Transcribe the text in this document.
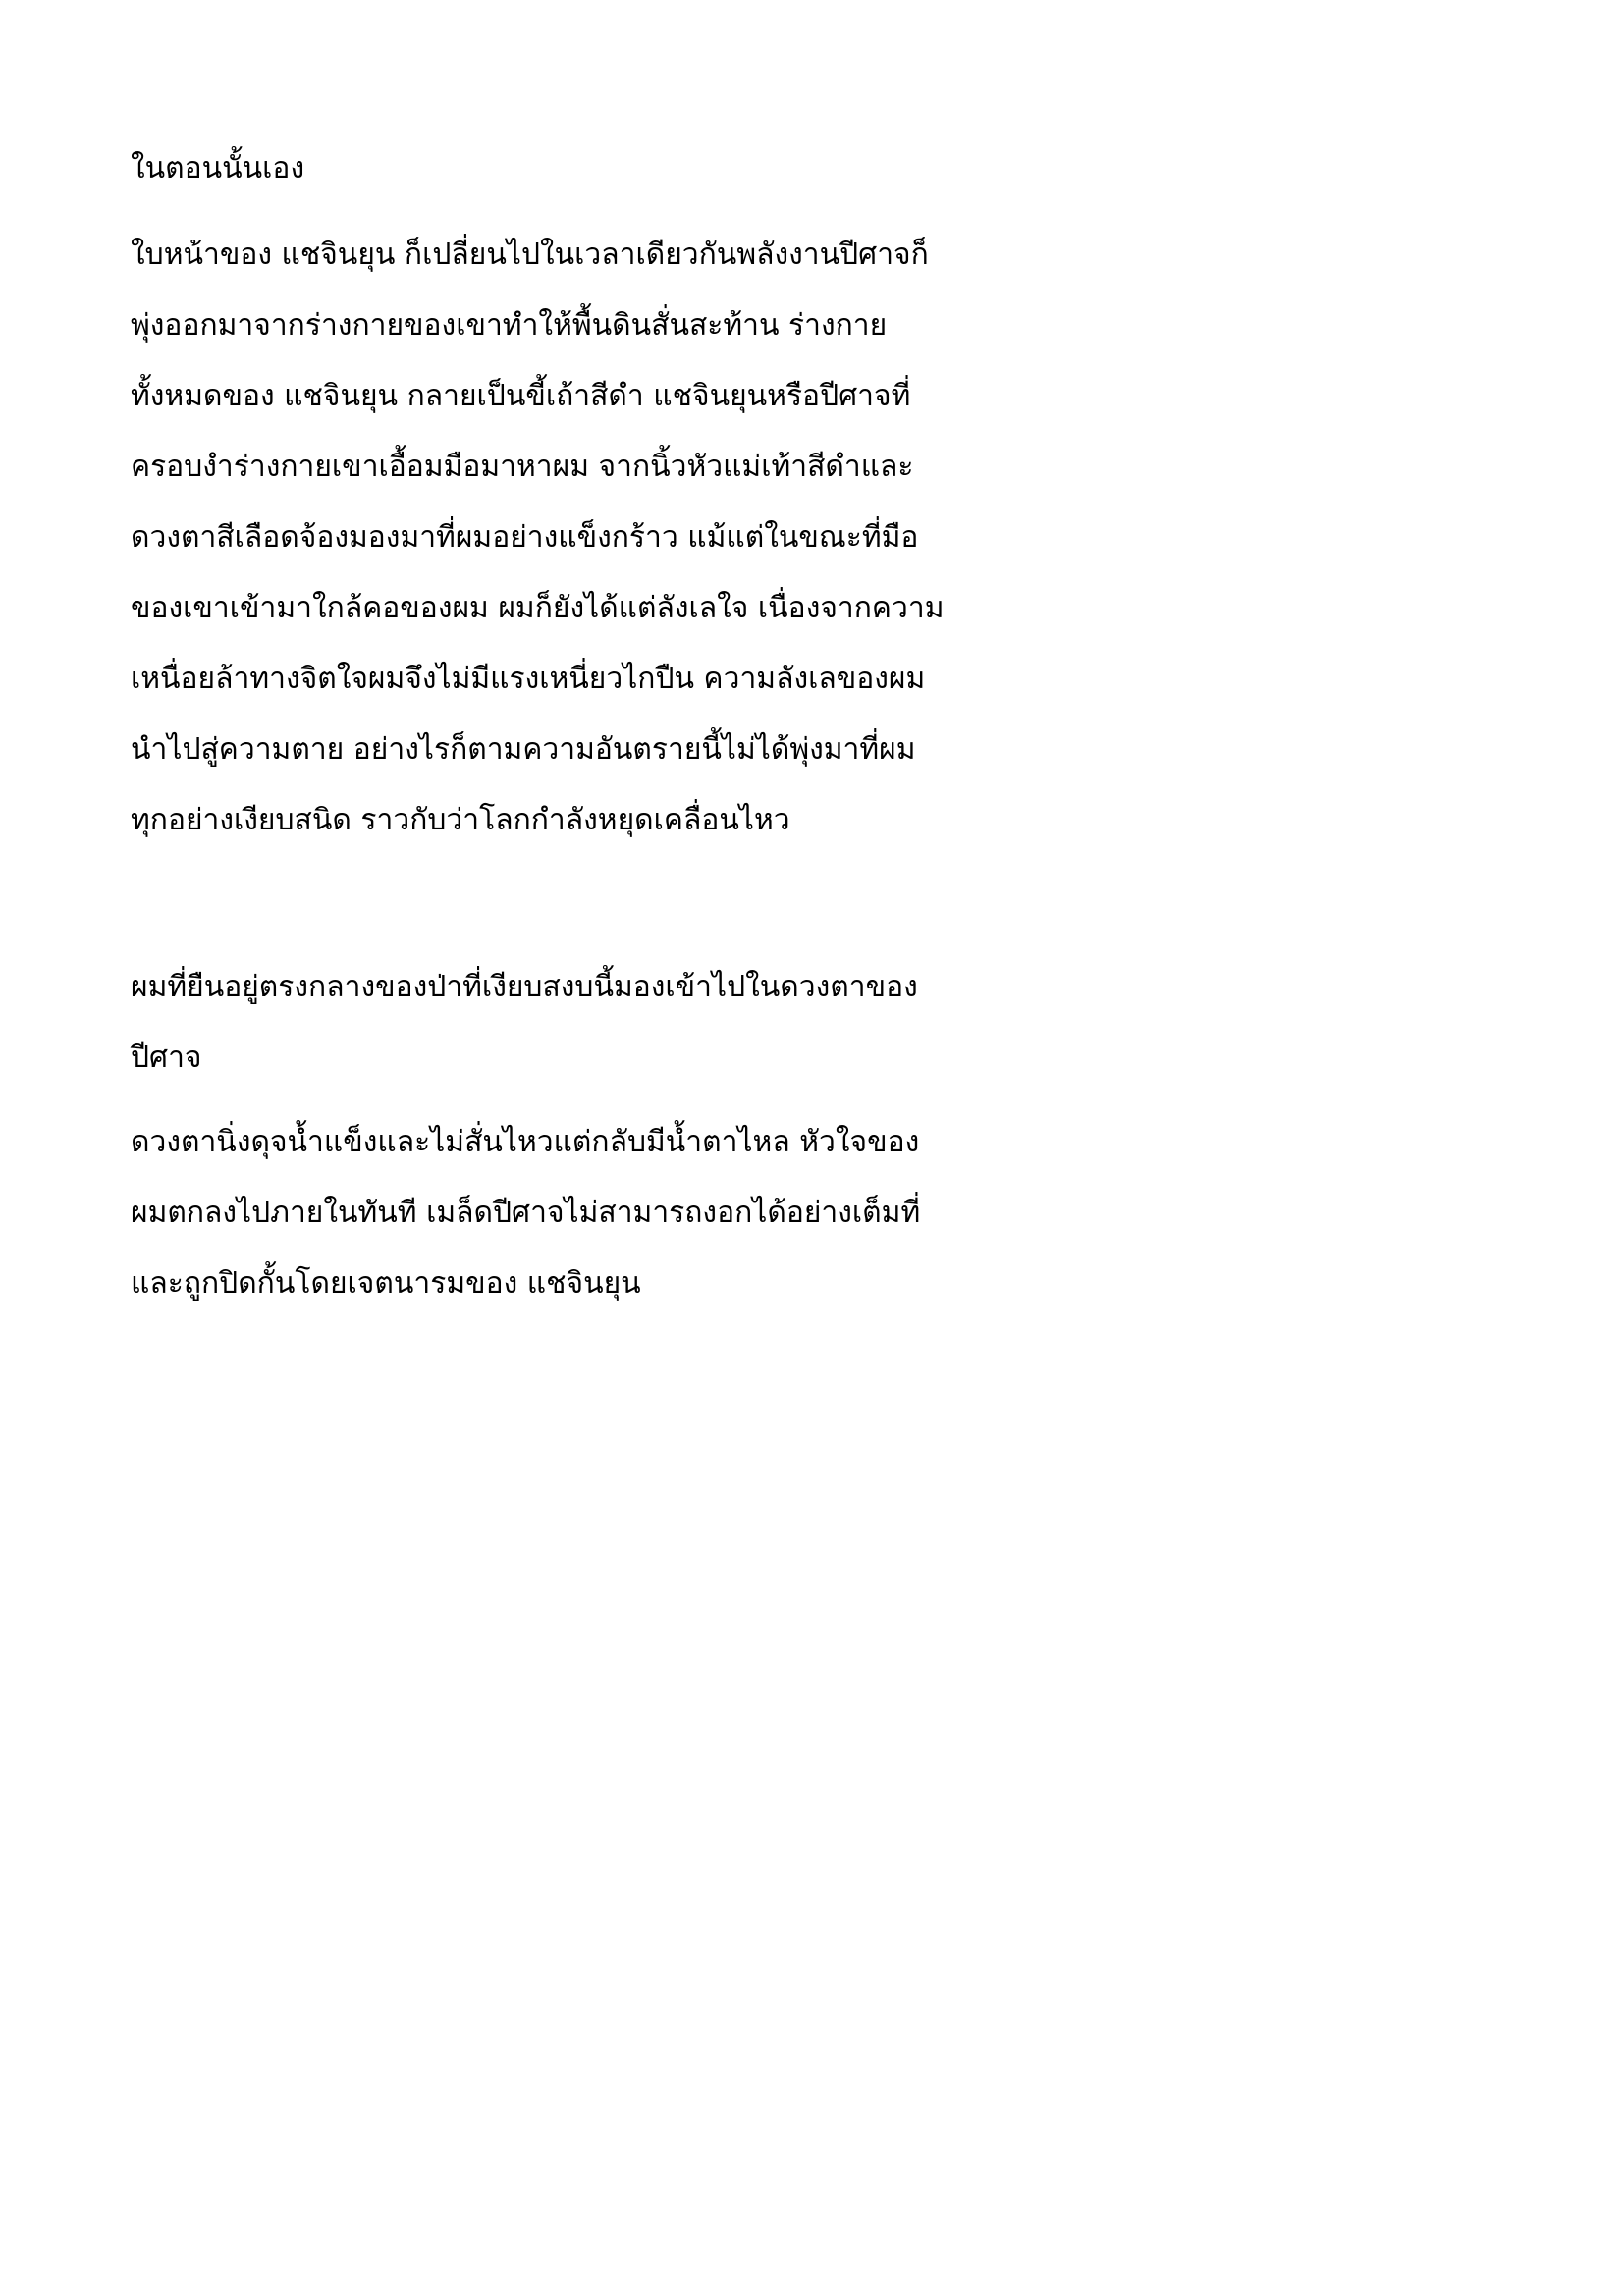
ในตอนนั้นเอง

ใบหน้าของ แชจินยุน ก็เปลี่ยนไปในเวลาเดียวกันพลังงานปีศาจก็

พุ่งออกมาจากร่างกายของเขาทำให้พื้นดินสั่นสะท้าน ร่างกาย

ทั้งหมดของ แชจินยุน กลายเป็นขี้เถ้าสีดำ แชจินยุนหรือปีศาจที่

ครอบงำร่างกายเขาเอื้อมมือมาหาผม จากนิ้วหัวแม่เท้าสีดำและ

ดวงตาสีเลือดจ้องมองมาที่ผมอย่างแข็งกร้าว แม้แต่ในขณะที่มือ

ของเขาเข้ามาใกล้คอของผม ผมก็ยังได้แต่ลังเลใจ เนื่องจากความ

เหนื่อยล้าทางจิตใจผมจึงไม่มีแรงเหนี่ยวไกปืน ความลังเลของผม

นำไปสู่ความตาย อย่างไรก็ตามความอันตรายนี้ไม่ได้พุ่งมาที่ผม

ทุกอย่างเงียบสนิด ราวกับว่าโลกกำลังหยุดเคลื่อนไหว

ผมที่ยืนอยู่ตรงกลางของป่าที่เงียบสงบนี้มองเข้าไปในดวงตาของ

ปีศาจ

ดวงตานิ่งดุจน้ำแข็งและไม่สั่นไหวแต่กลับมีน้ำตาไหล หัวใจของ

ผมตกลงไปภายในทันที เมล็ดปีศาจไม่สามารถงอกได้อย่างเต็มที่

และถูกปิดกั้นโดยเจตนารมของ แชจินยุน
